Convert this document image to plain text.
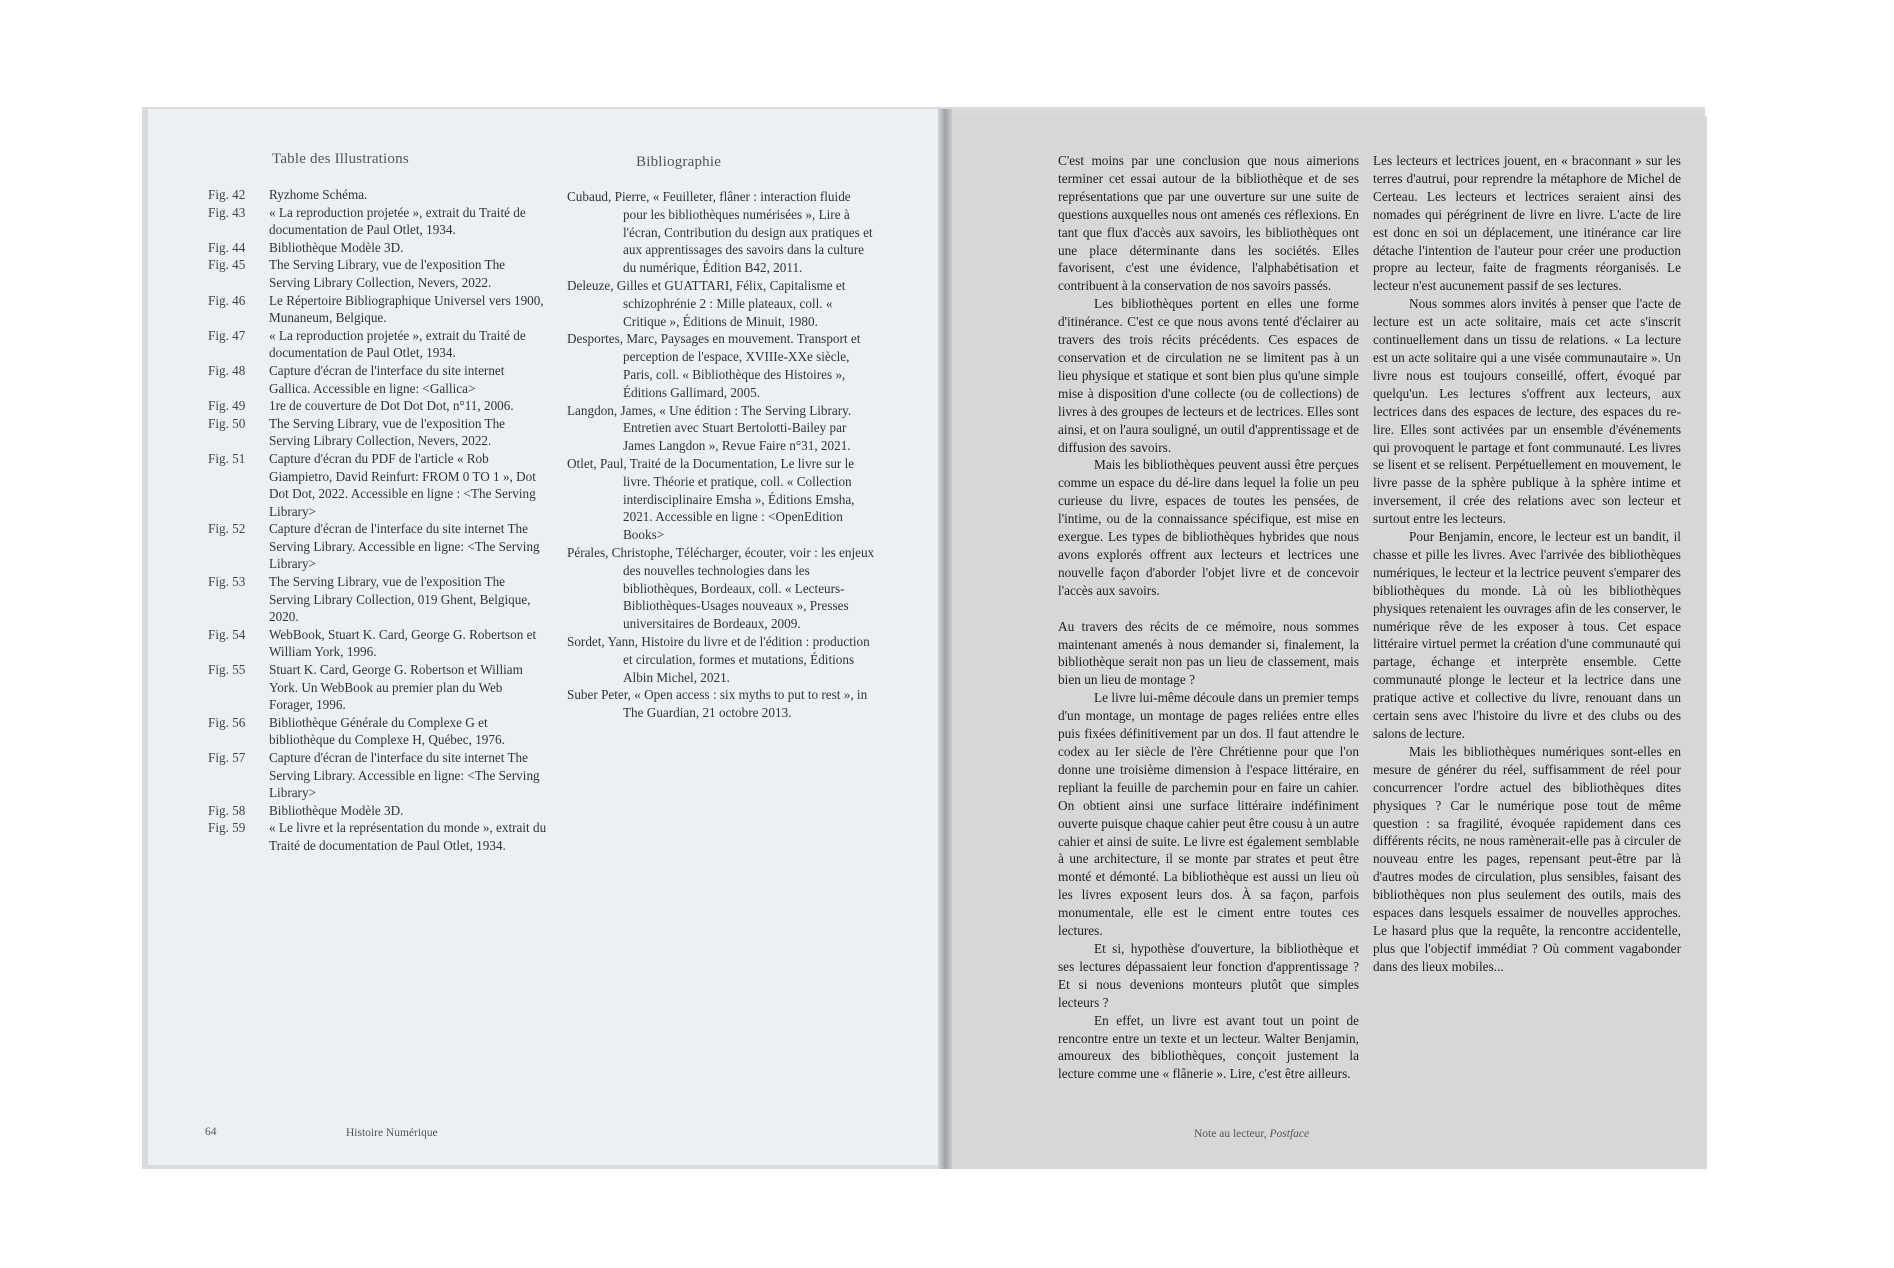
Table des Illustrations	Bibliographie
Fig. 42	Ryzhome Schéma.
Fig. 43	« La reproduction projetée », extrait du Traité de documentation de Paul Otlet, 1934.
Fig. 44	Bibliothèque Modèle 3D.
Fig. 45	The Serving Library, vue de l'exposition The Serving Library Collection, Nevers, 2022.
Fig. 46	Le Répertoire Bibliographique Universel vers 1900, Munaneum, Belgique.
Fig. 47	« La reproduction projetée », extrait du Traité de documentation de Paul Otlet, 1934.
Fig. 48	Capture d'écran de l'interface du site internet Gallica. Accessible en ligne: <Gallica>
Fig. 49	1re de couverture de Dot Dot Dot, n°11, 2006.
Fig. 50	The Serving Library, vue de l'exposition The Serving Library Collection, Nevers, 2022.
Fig. 51	Capture d'écran du PDF de l'article « Rob Giampietro, David Reinfurt: FROM 0 TO 1 », Dot Dot Dot, 2022. Accessible en ligne : <The Serving Library>
Fig. 52	Capture d'écran de l'interface du site internet The Serving Library. Accessible en ligne: <The Serving Library>
Fig. 53	The Serving Library, vue de l'exposition The Serving Library Collection, 019 Ghent, Belgique, 2020.
Fig. 54	WebBook, Stuart K. Card, George G. Robertson et William York, 1996.
Fig. 55	Stuart K. Card, George G. Robertson et William York. Un WebBook au premier plan du Web Forager, 1996.
Fig. 56	Bibliothèque Générale du Complexe G et bibliothèque du Complexe H, Québec, 1976.
Fig. 57	Capture d'écran de l'interface du site internet The Serving Library. Accessible en ligne: <The Serving Library>
Fig. 58	Bibliothèque Modèle 3D.
Fig. 59	« Le livre et la représentation du monde », extrait du Traité de documentation de Paul Otlet, 1934.
Cubaud, Pierre, « Feuilleter, flâner : interaction fluide pour les bibliothèques numérisées », Lire à l'écran, Contribution du design aux pratiques et aux apprentissages des savoirs dans la culture du numérique, Édition B42, 2011.
Deleuze, Gilles et GUATTARI, Félix, Capitalisme et schizophrénie 2 : Mille plateaux, coll. « Critique », Éditions de Minuit, 1980.
Desportes, Marc, Paysages en mouvement. Transport et perception de l'espace, XVIIIe-XXe siècle, Paris, coll. « Bibliothèque des Histoires », Éditions Gallimard, 2005.
Langdon, James, « Une édition : The Serving Library. Entretien avec Stuart Bertolotti-Bailey par James Langdon », Revue Faire n°31, 2021.
Otlet, Paul, Traité de la Documentation, Le livre sur le livre. Théorie et pratique, coll. « Collection interdisciplinaire Emsha », Éditions Emsha, 2021. Accessible en ligne : <OpenEdition Books>
Pérales, Christophe, Télécharger, écouter, voir : les enjeux des nouvelles technologies dans les bibliothèques, Bordeaux, coll. « Lecteurs-Bibliothèques-Usages nouveaux », Presses universitaires de Bordeaux, 2009.
Sordet, Yann, Histoire du livre et de l'édition : production et circulation, formes et mutations, Éditions Albin Michel, 2021.
Suber Peter, « Open access : six myths to put to rest », in The Guardian, 21 octobre 2013.

C'est moins par une conclusion que nous aimerions terminer cet essai autour de la bibliothèque et de ses représentations que par une ouverture sur une suite de questions auxquelles nous ont amenés ces réflexions. En tant que flux d'accès aux savoirs, les bibliothèques ont une place déterminante dans les sociétés. Elles favorisent, c'est une évidence, l'alphabétisation et contribuent à la conservation de nos savoirs passés.

Les bibliothèques portent en elles une forme d'itinérance. C'est ce que nous avons tenté d'éclairer au travers des trois récits précédents. Ces espaces de conservation et de circulation ne se limitent pas à un lieu physique et statique et sont bien plus qu'une simple mise à disposition d'une collecte (ou de collections) de livres à des groupes de lecteurs et de lectrices. Elles sont ainsi, et on l'aura souligné, un outil d'apprentissage et de diffusion des savoirs.

Mais les bibliothèques peuvent aussi être perçues comme un espace du dé-lire dans lequel la folie un peu curieuse du livre, espaces de toutes les pensées, de l'intime, ou de la connaissance spécifique, est mise en exergue. Les types de bibliothèques hybrides que nous avons explorés offrent aux lecteurs et lectrices une nouvelle façon d'aborder l'objet livre et de concevoir l'accès aux savoirs.

Au travers des récits de ce mémoire, nous sommes maintenant amenés à nous demander si, finalement, la bibliothèque serait non pas un lieu de classement, mais bien un lieu de montage ?

Le livre lui-même découle dans un premier temps d'un montage, un montage de pages reliées entre elles puis fixées définitivement par un dos. Il faut attendre le codex au Ier siècle de l'ère Chrétienne pour que l'on donne une troisième dimension à l'espace littéraire, en repliant la feuille de parchemin pour en faire un cahier. On obtient ainsi une surface littéraire indéfiniment ouverte puisque chaque cahier peut être cousu à un autre cahier et ainsi de suite. Le livre est également semblable à une architecture, il se monte par strates et peut être monté et démonté. La bibliothèque est aussi un lieu où les livres exposent leurs dos. À sa façon, parfois monumentale, elle est le ciment entre toutes ces lectures.

Et si, hypothèse d'ouverture, la bibliothèque et ses lectures dépassaient leur fonction d'apprentissage ? Et si nous devenions monteurs plutôt que simples lecteurs ?

En effet, un livre est avant tout un point de rencontre entre un texte et un lecteur. Walter Benjamin, amoureux des bibliothèques, conçoit justement la lecture comme une « flânerie ». Lire, c'est être ailleurs.

Les lecteurs et lectrices jouent, en « braconnant » sur les terres d'autrui, pour reprendre la métaphore de Michel de Certeau. Les lecteurs et lectrices seraient ainsi des nomades qui pérégrinent de livre en livre. L'acte de lire est donc en soi un déplacement, une itinérance car lire détache l'intention de l'auteur pour créer une production propre au lecteur, faite de fragments réorganisés. Le lecteur n'est aucunement passif de ses lectures.

Nous sommes alors invités à penser que l'acte de lecture est un acte solitaire, mais cet acte s'inscrit continuellement dans un tissu de relations. « La lecture est un acte solitaire qui a une visée communautaire ». Un livre nous est toujours conseillé, offert, évoqué par quelqu'un. Les lectures s'offrent aux lecteurs, aux lectrices dans des espaces de lecture, des espaces du re-lire. Elles sont activées par un ensemble d'événements qui provoquent le partage et font communauté. Les livres se lisent et se relisent. Perpétuellement en mouvement, le livre passe de la sphère publique à la sphère intime et inversement, il crée des relations avec son lecteur et surtout entre les lecteurs.

Pour Benjamin, encore, le lecteur est un bandit, il chasse et pille les livres. Avec l'arrivée des bibliothèques numériques, le lecteur et la lectrice peuvent s'emparer des bibliothèques du monde. Là où les bibliothèques physiques retenaient les ouvrages afin de les conserver, le numérique rêve de les exposer à tous. Cet espace littéraire virtuel permet la création d'une communauté qui partage, échange et interprète ensemble. Cette communauté plonge le lecteur et la lectrice dans une pratique active et collective du livre, renouant dans un certain sens avec l'histoire du livre et des clubs ou des salons de lecture.

Mais les bibliothèques numériques sont-elles en mesure de générer du réel, suffisamment de réel pour concurrencer l'ordre actuel des bibliothèques dites physiques ? Car le numérique pose tout de même question : sa fragilité, évoquée rapidement dans ces différents récits, ne nous ramènerait-elle pas à circuler de nouveau entre les pages, repensant peut-être par là d'autres modes de circulation, plus sensibles, faisant des bibliothèques non plus seulement des outils, mais des espaces dans lesquels essaimer de nouvelles approches. Le hasard plus que la requête, la rencontre accidentelle, plus que l'objectif immédiat ? Où comment vagabonder dans des lieux mobiles...

64	Histoire Numérique	Note au lecteur, Postface
